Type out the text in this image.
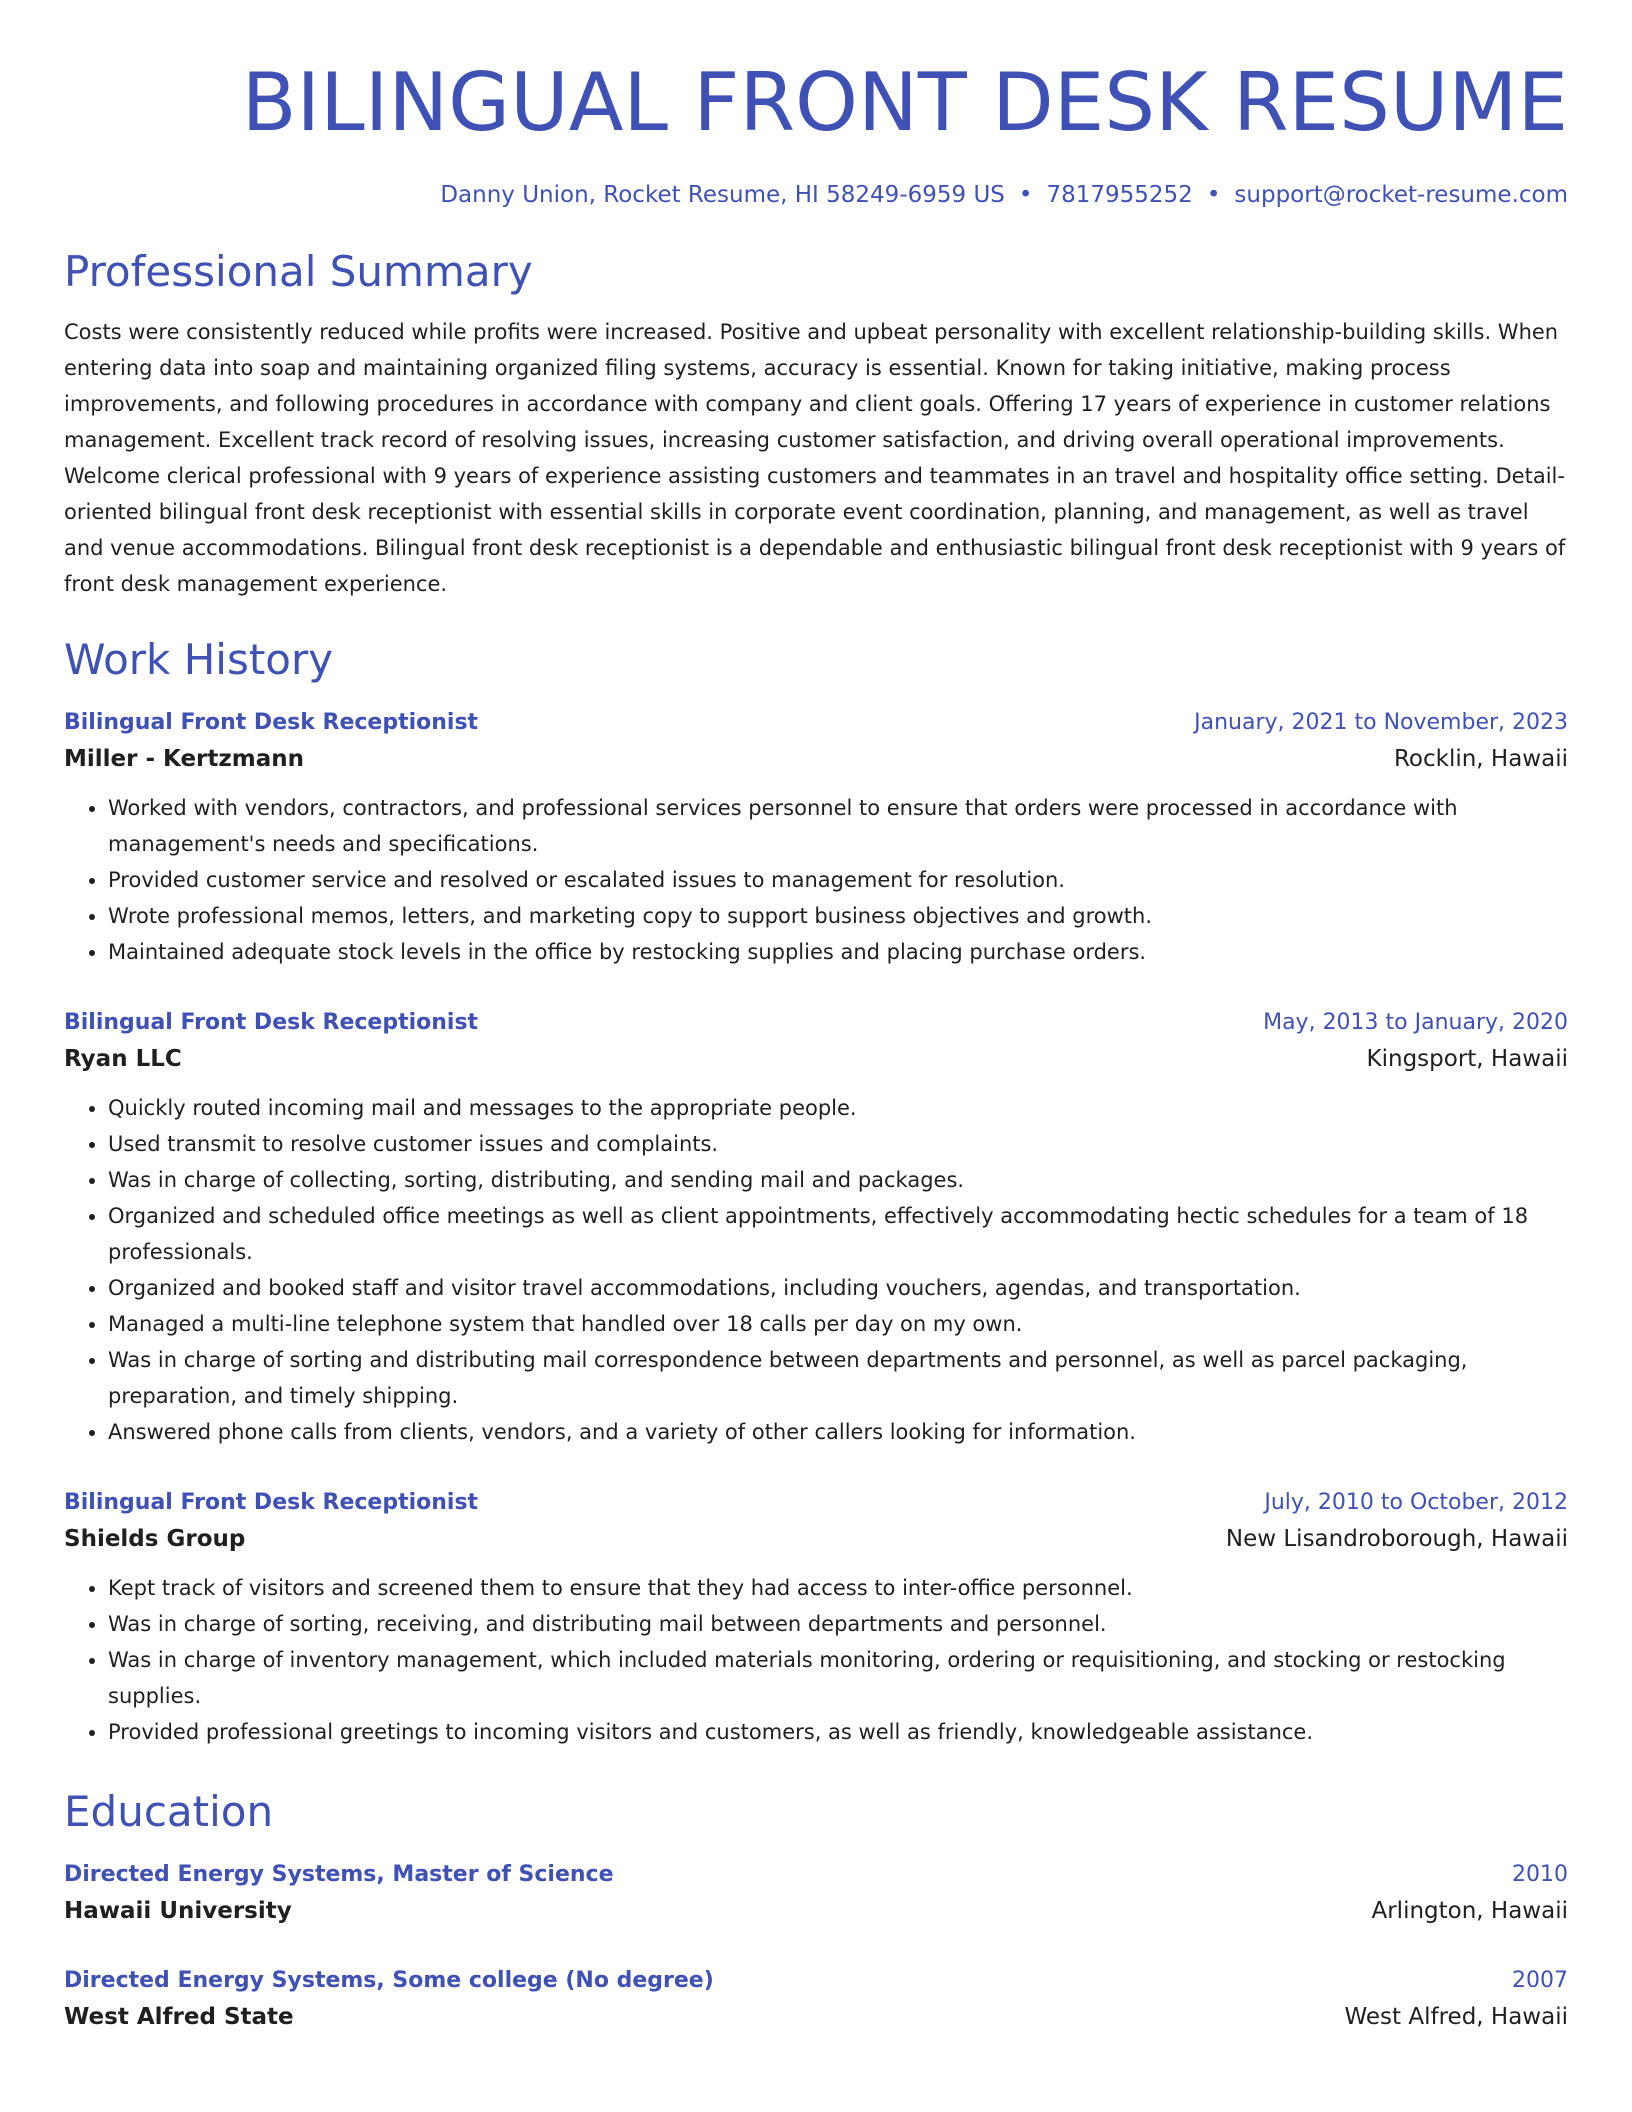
BILINGUAL FRONT DESK RESUME
Danny Union, Rocket Resume, HI 58249-6959 US • 7817955252 • support@rocket-resume.com
Professional Summary
Costs were consistently reduced while profits were increased. Positive and upbeat personality with excellent relationship-building skills. When entering data into soap and maintaining organized filing systems, accuracy is essential. Known for taking initiative, making process improvements, and following procedures in accordance with company and client goals. Offering 17 years of experience in customer relations management. Excellent track record of resolving issues, increasing customer satisfaction, and driving overall operational improvements. Welcome clerical professional with 9 years of experience assisting customers and teammates in an travel and hospitality office setting. Detail-oriented bilingual front desk receptionist with essential skills in corporate event coordination, planning, and management, as well as travel and venue accommodations. Bilingual front desk receptionist is a dependable and enthusiastic bilingual front desk receptionist with 9 years of front desk management experience.
Work History
Bilingual Front Desk Receptionist	January, 2021 to November, 2023
Miller - Kertzmann	Rocklin, Hawaii
• Worked with vendors, contractors, and professional services personnel to ensure that orders were processed in accordance with management's needs and specifications.
• Provided customer service and resolved or escalated issues to management for resolution.
• Wrote professional memos, letters, and marketing copy to support business objectives and growth.
• Maintained adequate stock levels in the office by restocking supplies and placing purchase orders.
Bilingual Front Desk Receptionist	May, 2013 to January, 2020
Ryan LLC	Kingsport, Hawaii
• Quickly routed incoming mail and messages to the appropriate people.
• Used transmit to resolve customer issues and complaints.
• Was in charge of collecting, sorting, distributing, and sending mail and packages.
• Organized and scheduled office meetings as well as client appointments, effectively accommodating hectic schedules for a team of 18 professionals.
• Organized and booked staff and visitor travel accommodations, including vouchers, agendas, and transportation.
• Managed a multi-line telephone system that handled over 18 calls per day on my own.
• Was in charge of sorting and distributing mail correspondence between departments and personnel, as well as parcel packaging, preparation, and timely shipping.
• Answered phone calls from clients, vendors, and a variety of other callers looking for information.
Bilingual Front Desk Receptionist	July, 2010 to October, 2012
Shields Group	New Lisandroborough, Hawaii
• Kept track of visitors and screened them to ensure that they had access to inter-office personnel.
• Was in charge of sorting, receiving, and distributing mail between departments and personnel.
• Was in charge of inventory management, which included materials monitoring, ordering or requisitioning, and stocking or restocking supplies.
• Provided professional greetings to incoming visitors and customers, as well as friendly, knowledgeable assistance.
Education
Directed Energy Systems, Master of Science	2010
Hawaii University	Arlington, Hawaii
Directed Energy Systems, Some college (No degree)	2007
West Alfred State	West Alfred, Hawaii
